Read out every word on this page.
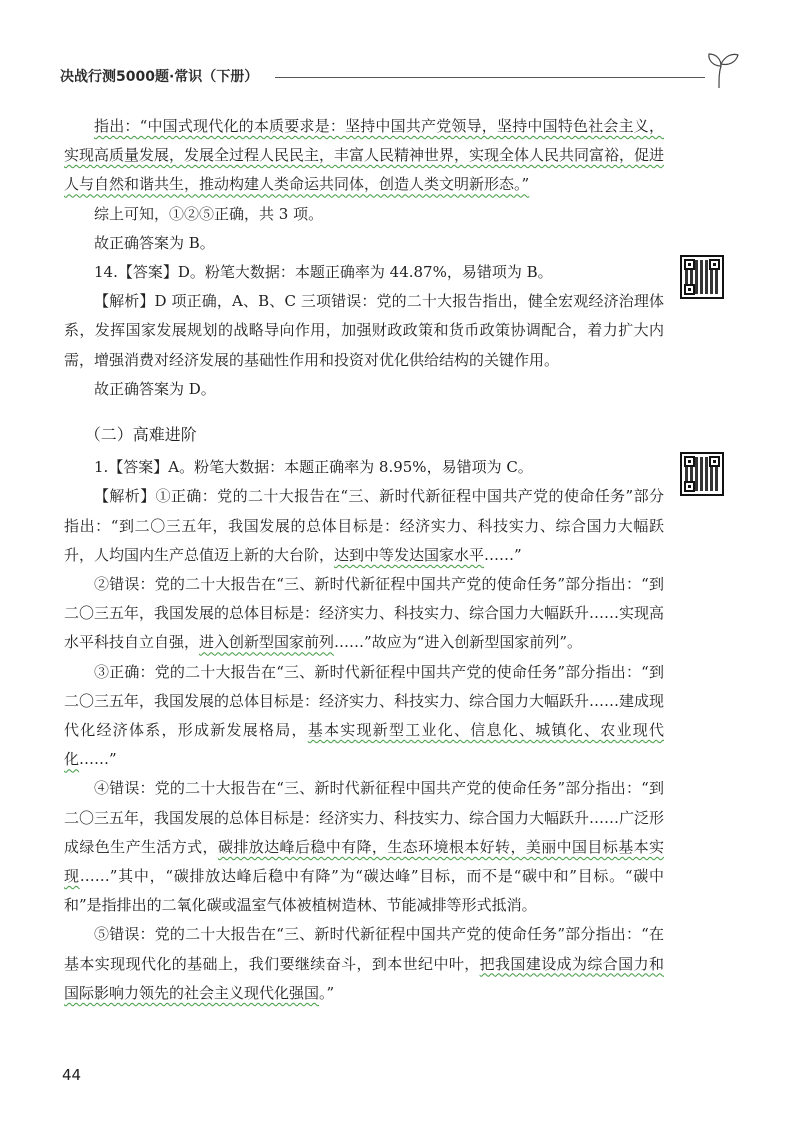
决战行测5000题·常识（下册）

指出：“中国式现代化的本质要求是：坚持中国共产党领导，坚持中国特色社会主义，实现高质量发展，发展全过程人民民主，丰富人民精神世界，实现全体人民共同富裕，促进人与自然和谐共生，推动构建人类命运共同体，创造人类文明新形态。”

综上可知，①②⑤正确，共 3 项。

故正确答案为 B。

14.【答案】D。粉笔大数据：本题正确率为 44.87%，易错项为 B。

【解析】D 项正确，A、B、C 三项错误：党的二十大报告指出，健全宏观经济治理体系，发挥国家发展规划的战略导向作用，加强财政政策和货币政策协调配合，着力扩大内需，增强消费对经济发展的基础性作用和投资对优化供给结构的关键作用。

故正确答案为 D。

（二）高难进阶

1.【答案】A。粉笔大数据：本题正确率为 8.95%，易错项为 C。

【解析】①正确：党的二十大报告在“三、新时代新征程中国共产党的使命任务”部分指出：“到二〇三五年，我国发展的总体目标是：经济实力、科技实力、综合国力大幅跃升，人均国内生产总值迈上新的大台阶，达到中等发达国家水平……”

②错误：党的二十大报告在“三、新时代新征程中国共产党的使命任务”部分指出：“到二〇三五年，我国发展的总体目标是：经济实力、科技实力、综合国力大幅跃升……实现高水平科技自立自强，进入创新型国家前列……”故应为“进入创新型国家前列”。

③正确：党的二十大报告在“三、新时代新征程中国共产党的使命任务”部分指出：“到二〇三五年，我国发展的总体目标是：经济实力、科技实力、综合国力大幅跃升……建成现代化经济体系，形成新发展格局，基本实现新型工业化、信息化、城镇化、农业现代化……”

④错误：党的二十大报告在“三、新时代新征程中国共产党的使命任务”部分指出：“到二〇三五年，我国发展的总体目标是：经济实力、科技实力、综合国力大幅跃升……广泛形成绿色生产生活方式，碳排放达峰后稳中有降，生态环境根本好转，美丽中国目标基本实现……”其中，“碳排放达峰后稳中有降”为“碳达峰”目标，而不是“碳中和”目标。“碳中和”是指排出的二氧化碳或温室气体被植树造林、节能减排等形式抵消。

⑤错误：党的二十大报告在“三、新时代新征程中国共产党的使命任务”部分指出：“在基本实现现代化的基础上，我们要继续奋斗，到本世纪中叶，把我国建设成为综合国力和国际影响力领先的社会主义现代化强国。”

44
